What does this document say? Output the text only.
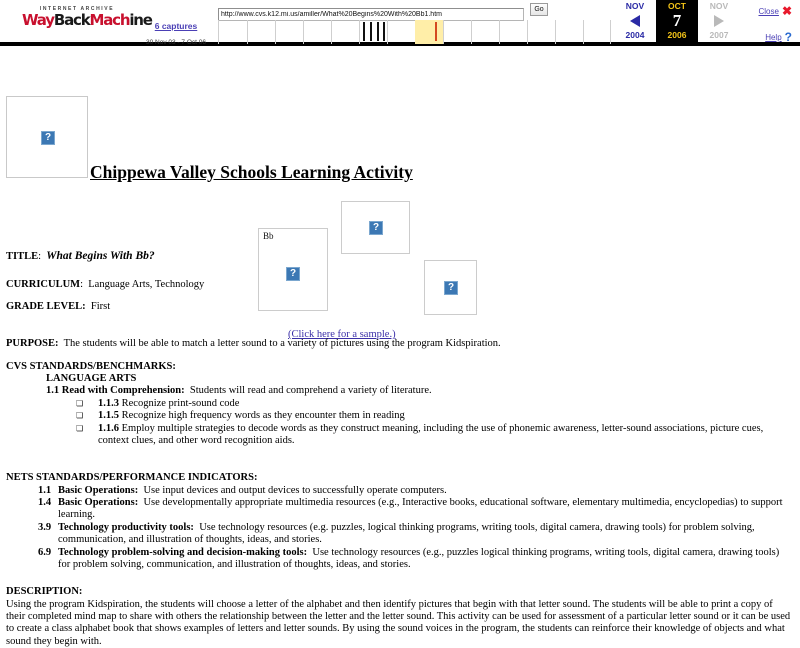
INTERNET ARCHIVE
WayBackMachine 6 captures
30 Nov 03 - 7 Oct 06
http://www.cvs.k12.mi.us/amiller/What%20Begins%20With%20Bb1.htm
Go	NOV
2004
OCT
7
2006
NOV
2007
Close ✖
Help ?
?
Chippewa Valley Schools Learning Activity
Bb
?
?
?
(Click here for a sample.)
TITLE:  What Begins With Bb?
CURRICULUM:  Language Arts, Technology
GRADE LEVEL: First
PURPOSE: The students will be able to match a letter sound to a variety of pictures using the program Kidspiration.
CVS STANDARDS/BENCHMARKS:
LANGUAGE ARTS
1.1 Read with Comprehension: Students will read and comprehend a variety of literature.
❏ 1.1.3 Recognize print-sound code
❏ 1.1.5 Recognize high frequency words as they encounter them in reading
❏ 1.1.6 Employ multiple strategies to decode words as they construct meaning, including the use of phonemic awareness, letter-sound associations, picture cues, context clues, and other word recognition aids.
NETS STANDARDS/PERFORMANCE INDICATORS:
1.1 Basic Operations: Use input devices and output devices to successfully operate computers.
1.4 Basic Operations: Use developmentally appropriate multimedia resources (e.g., Interactive books, educational software, elementary multimedia, encyclopedias) to support learning.
3.9 Technology productivity tools: Use technology resources (e.g. puzzles, logical thinking programs, writing tools, digital camera, drawing tools) for problem solving, communication, and illustration of thoughts, ideas, and stories.
6.9 Technology problem-solving and decision-making tools: Use technology resources (e.g., puzzles logical thinking programs, writing tools, digital camera, drawing tools) for problem solving, communication, and illustration of thoughts, ideas, and stories.
DESCRIPTION:
Using the program Kidspiration, the students will choose a letter of the alphabet and then identify pictures that begin with that letter sound. The students will be able to print a copy of their completed mind map to share with others the relationship between the letter and the letter sound. This activity can be used for assessment of a particular letter sound or it can be used to create a class alphabet book that shows examples of letters and letter sounds. By using the sound voices in the program, the students can reinforce their knowledge of objects and what sound they begin with.
